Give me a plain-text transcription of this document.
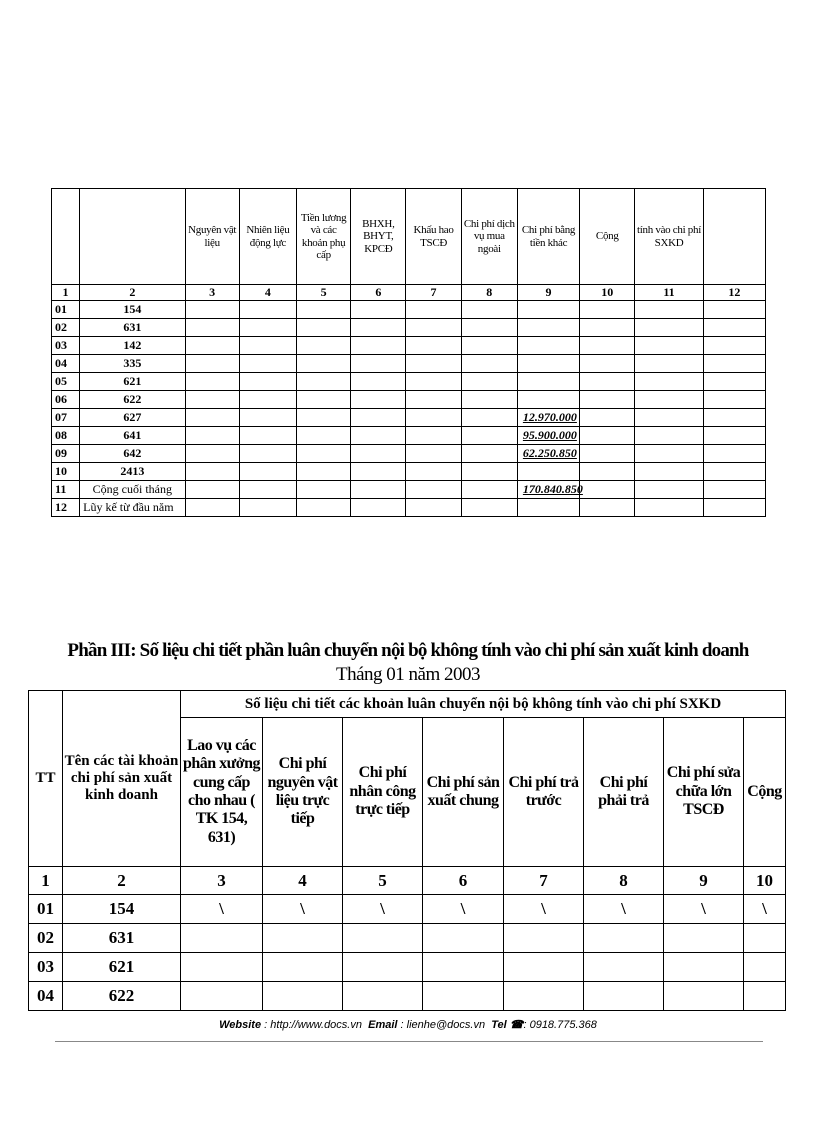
		Nguyên vật liệu	Nhiên liệu động lực	Tiền lương và các khoản phụ cấp	BHXH, BHYT, KPCĐ	Khấu hao TSCĐ	Chi phí dịch vụ mua ngoài	Chi phí bằng tiền khác	Cộng	tính vào chi phí SXKD	
1	2	3	4	5	6	7	8	9	10	11	12
01	154										
02	631										
03	142										
04	335										
05	621										
06	622										
07	627							12.970.000			
08	641							95.900.000			
09	642							62.250.850			
10	2413										
11	Cộng cuối tháng							170.840.850			
12	Lũy kế từ đầu năm										
Phần III: Số liệu chi tiết phần luân chuyển nội bộ không tính vào chi phí sản xuất kinh doanh
Tháng 01 năm 2003
TT	Tên các tài khoản chi phí sản xuất kinh doanh	Số liệu chi tiết các khoản luân chuyển nội bộ không tính vào chi phí SXKD							
		Lao vụ các phân xưởng cung cấp cho nhau ( TK 154, 631)	Chi phí nguyên vật liệu trực tiếp	Chi phí nhân công trực tiếp	Chi phí sản xuất chung	Chi phí trả trước	Chi phí phải trả	Chi phí sửa chữa lớn TSCĐ	Cộng
1	2	3	4	5	6	7	8	9	10
01	154	\	\	\	\	\	\	\	\
02	631								
03	621								
04	622								
Website : http://www.docs.vn Email : lienhe@docs.vn Tel ☎: 0918.775.368
